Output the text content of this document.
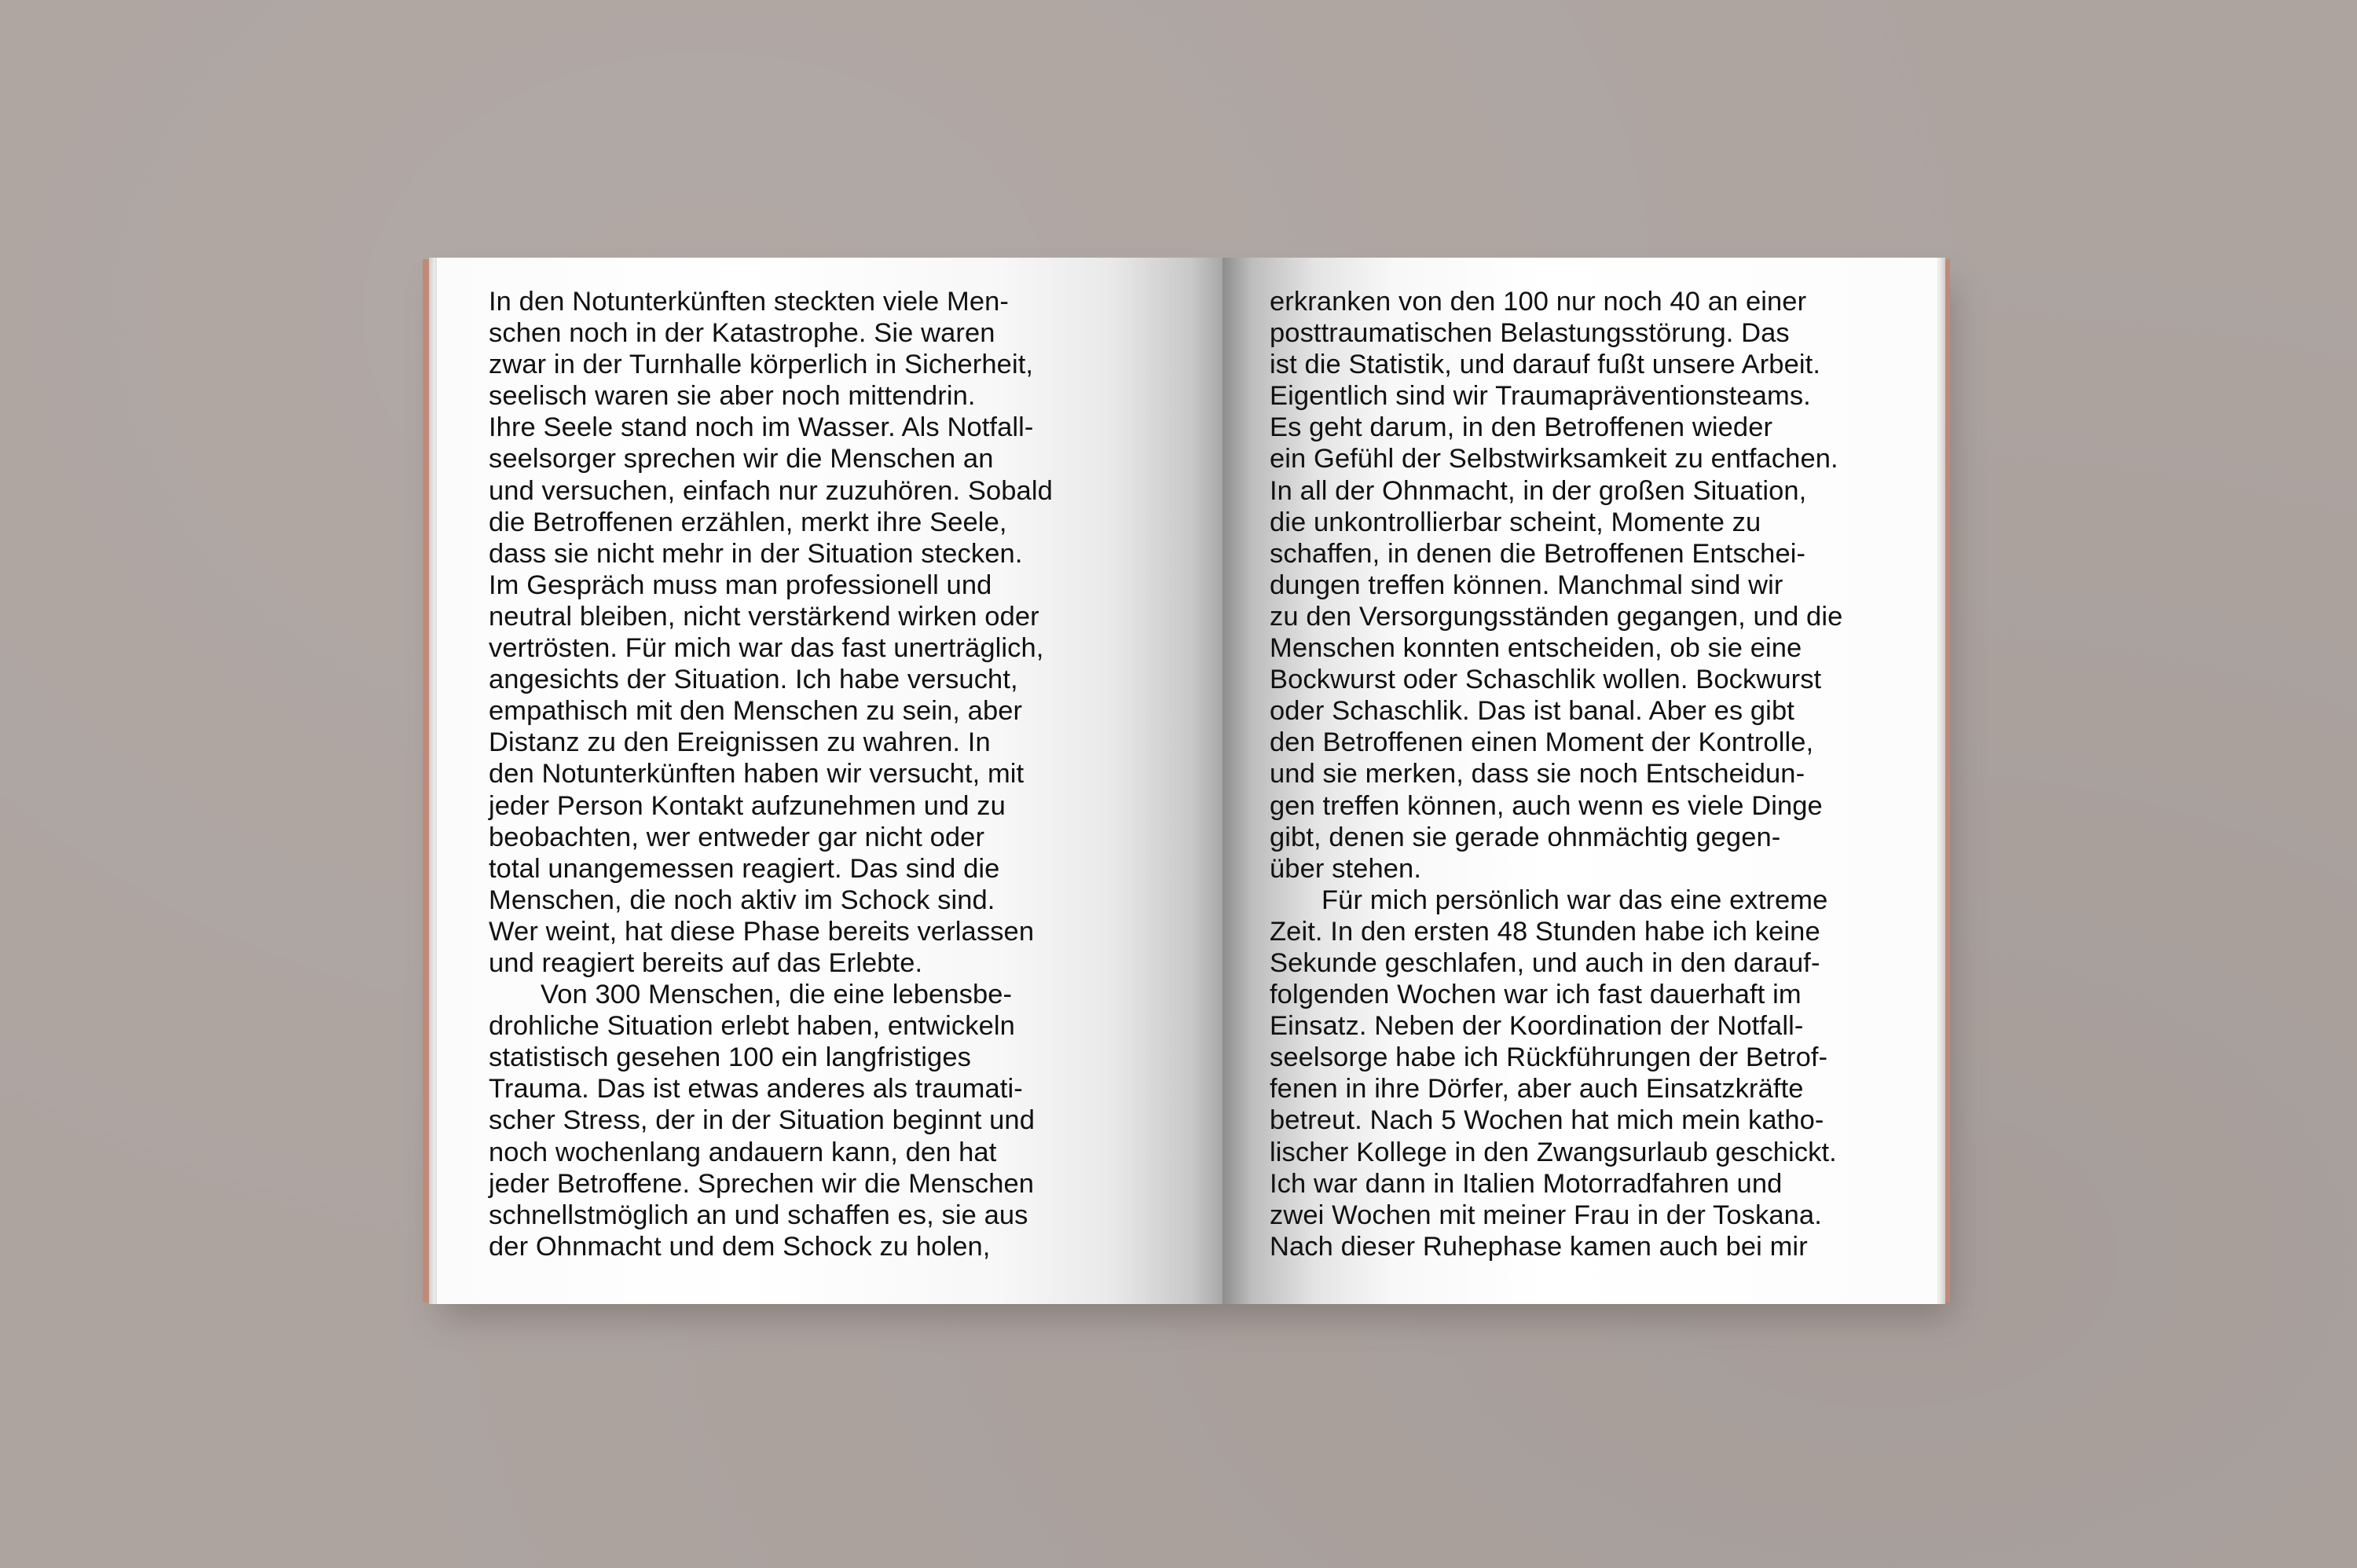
In den Notunterkünften steckten viele Men-
schen noch in der Katastrophe. Sie waren
zwar in der Turnhalle körperlich in Sicherheit,
seelisch waren sie aber noch mittendrin.
Ihre Seele stand noch im Wasser. Als Notfall-
seelsorger sprechen wir die Menschen an
und versuchen, einfach nur zuzuhören. Sobald
die Betroffenen erzählen, merkt ihre Seele,
dass sie nicht mehr in der Situation stecken.
Im Gespräch muss man professionell und
neutral bleiben, nicht verstärkend wirken oder
vertrösten. Für mich war das fast unerträglich,
angesichts der Situation. Ich habe versucht,
empathisch mit den Menschen zu sein, aber
Distanz zu den Ereignissen zu wahren. In
den Notunterkünften haben wir versucht, mit
jeder Person Kontakt aufzunehmen und zu
beobachten, wer entweder gar nicht oder
total unangemessen reagiert. Das sind die
Menschen, die noch aktiv im Schock sind.
Wer weint, hat diese Phase bereits verlassen
und reagiert bereits auf das Erlebte.
Von 300 Menschen, die eine lebensbe-
drohliche Situation erlebt haben, entwickeln
statistisch gesehen 100 ein langfristiges
Trauma. Das ist etwas anderes als traumati-
scher Stress, der in der Situation beginnt und
noch wochenlang andauern kann, den hat
jeder Betroffene. Sprechen wir die Menschen
schnellstmöglich an und schaffen es, sie aus
der Ohnmacht und dem Schock zu holen,
erkranken von den 100 nur noch 40 an einer
posttraumatischen Belastungsstörung. Das
ist die Statistik, und darauf fußt unsere Arbeit.
Eigentlich sind wir Traumapräventionsteams.
Es geht darum, in den Betroffenen wieder
ein Gefühl der Selbstwirksamkeit zu entfachen.
In all der Ohnmacht, in der großen Situation,
die unkontrollierbar scheint, Momente zu
schaffen, in denen die Betroffenen Entschei-
dungen treffen können. Manchmal sind wir
zu den Versorgungsständen gegangen, und die
Menschen konnten entscheiden, ob sie eine
Bockwurst oder Schaschlik wollen. Bockwurst
oder Schaschlik. Das ist banal. Aber es gibt
den Betroffenen einen Moment der Kontrolle,
und sie merken, dass sie noch Entscheidun-
gen treffen können, auch wenn es viele Dinge
gibt, denen sie gerade ohnmächtig gegen-
über stehen.
Für mich persönlich war das eine extreme
Zeit. In den ersten 48 Stunden habe ich keine
Sekunde geschlafen, und auch in den darauf-
folgenden Wochen war ich fast dauerhaft im
Einsatz. Neben der Koordination der Notfall-
seelsorge habe ich Rückführungen der Betrof-
fenen in ihre Dörfer, aber auch Einsatzkräfte
betreut. Nach 5 Wochen hat mich mein katho-
lischer Kollege in den Zwangsurlaub geschickt.
Ich war dann in Italien Motorradfahren und
zwei Wochen mit meiner Frau in der Toskana.
Nach dieser Ruhephase kamen auch bei mir
